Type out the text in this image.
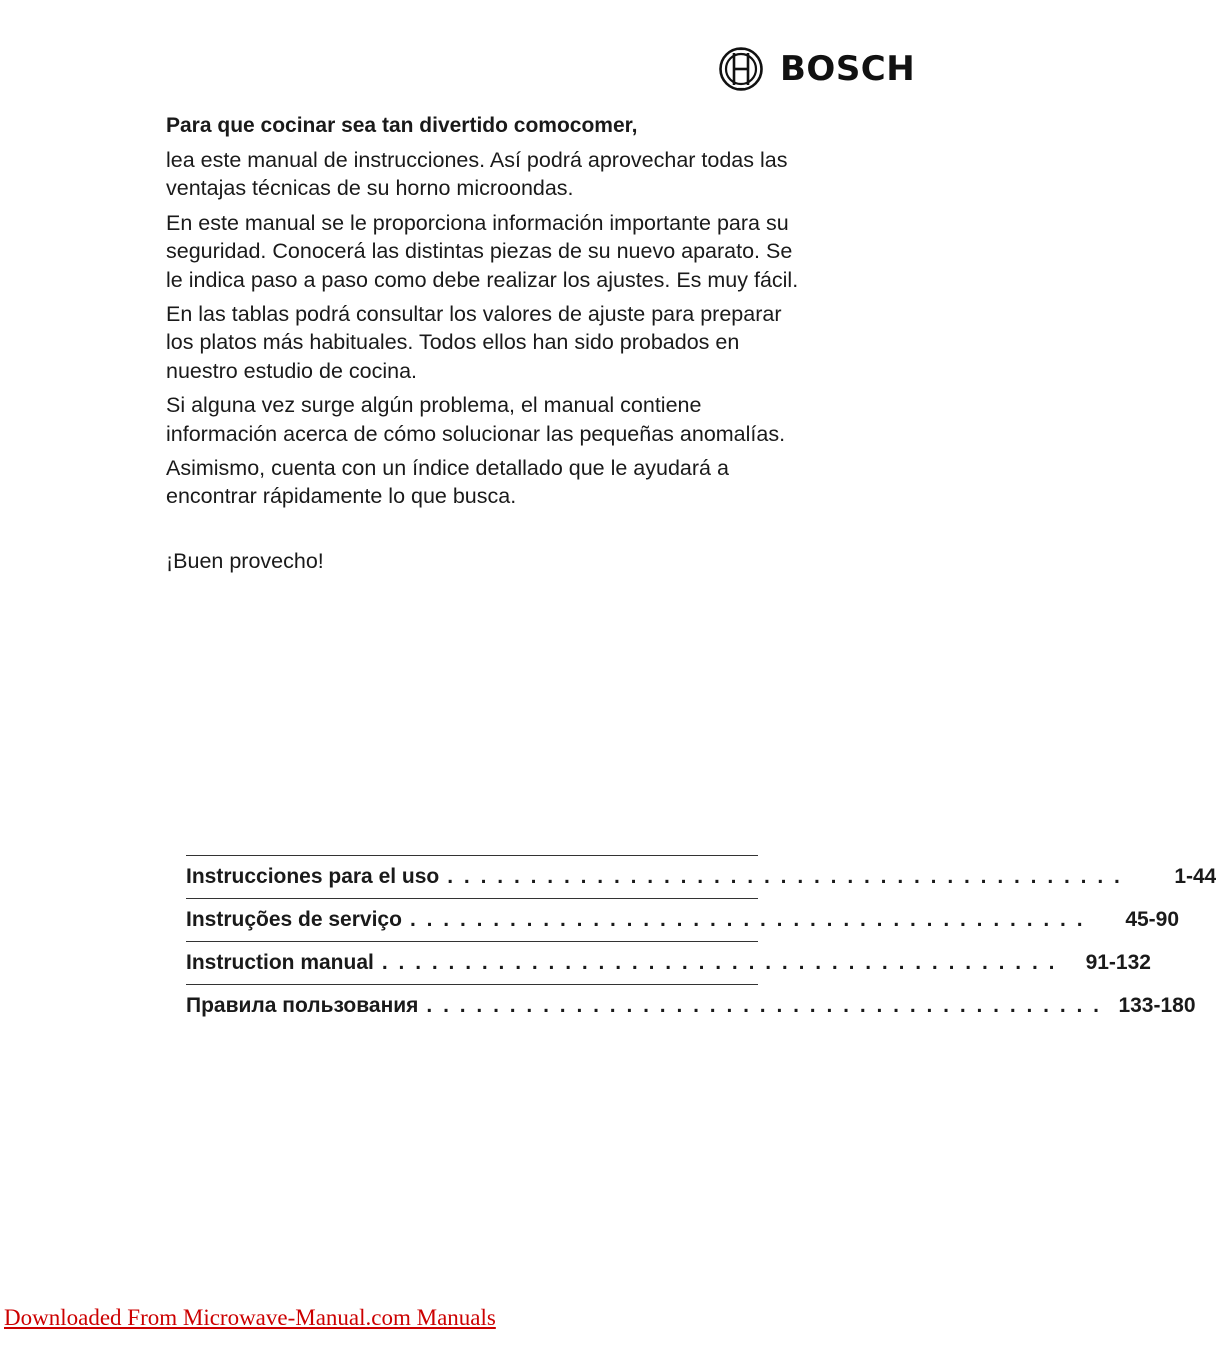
BOSCH

Para que cocinar sea tan divertido comocomer,

lea este manual de instrucciones. Así podrá aprovechar todas las ventajas técnicas de su horno microondas.

En este manual se le proporciona información importante para su seguridad. Conocerá las distintas piezas de su nuevo aparato. Se le indica paso a paso como debe realizar los ajustes. Es muy fácil.

En las tablas podrá consultar los valores de ajuste para preparar los platos más habituales. Todos ellos han sido probados en nuestro estudio de cocina.

Si alguna vez surge algún problema, el manual contiene información acerca de cómo solucionar las pequeñas anomalías.

Asimismo, cuenta con un índice detallado que le ayudará a encontrar rápidamente lo que busca.

¡Buen provecho!

Instrucciones para el uso . . . . . . . . . . . . . . . . . . . . . . . . . . . . . . . . . . . . . . . . .	1-44
Instruções de serviço . . . . . . . . . . . . . . . . . . . . . . . . . . . . . . . . . . . . . . . . .	45-90
Instruction manual . . . . . . . . . . . . . . . . . . . . . . . . . . . . . . . . . . . . . . . . .	91-132
Правила пользования . . . . . . . . . . . . . . . . . . . . . . . . . . . . . . . . . . . . . . . . . 133-180
Downloaded From Microwave-Manual.com Manuals
